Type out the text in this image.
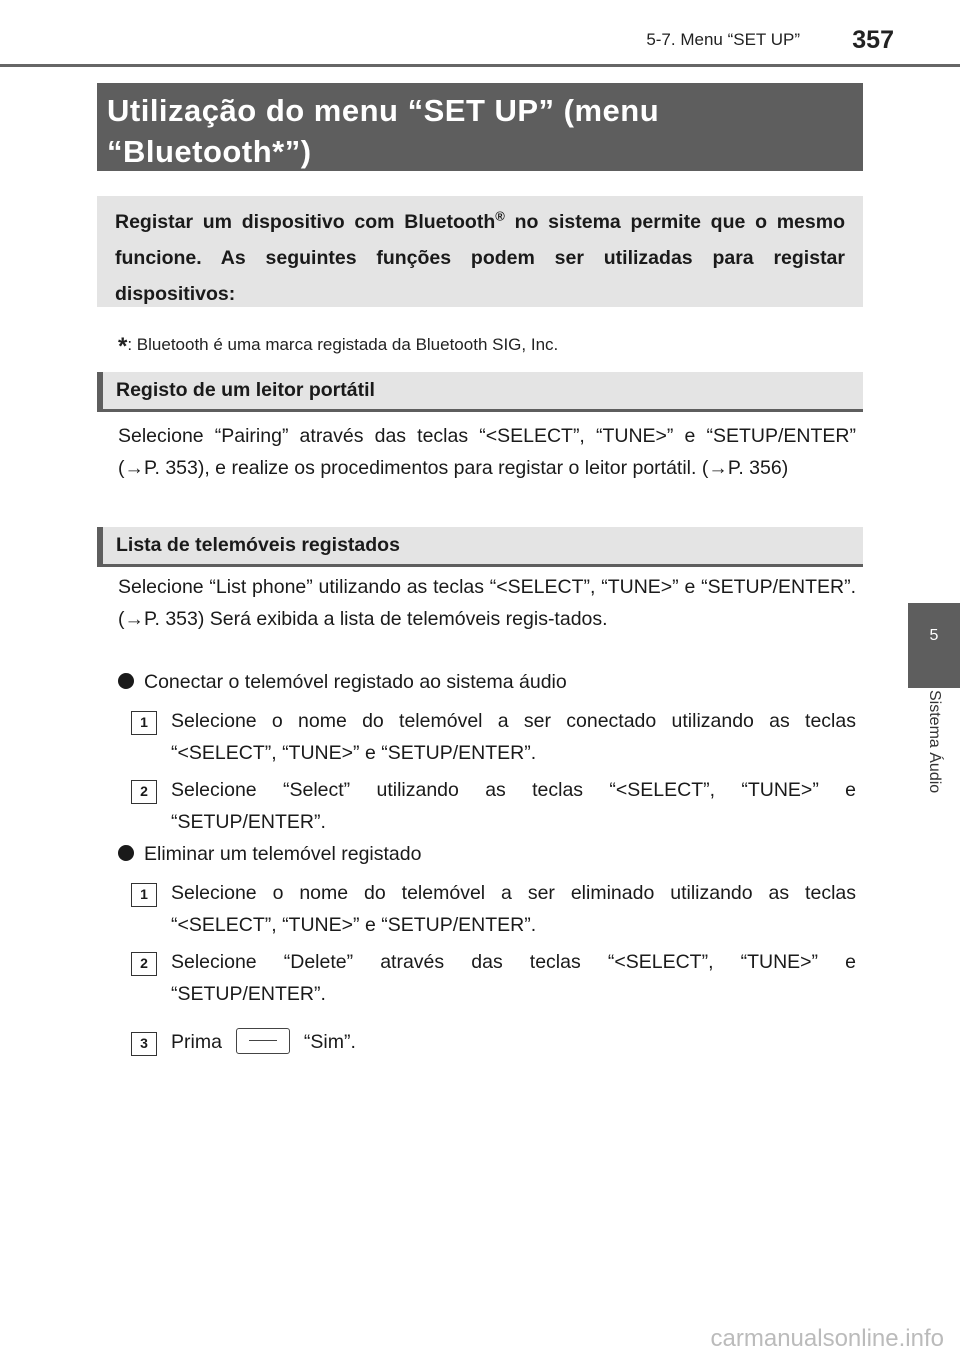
5-7. Menu “SET UP” 357
5
Sistema Áudio
Utilização do menu “SET UP” (menu
“Bluetooth*”)
Registar um dispositivo com Bluetooth® no sistema permite que o mesmo funcione. As seguintes funções podem ser utilizadas para registar dispositivos:
*: Bluetooth é uma marca registada da Bluetooth SIG, Inc.
Registo de um leitor portátil
Selecione “Pairing” através das teclas “<SELECT”, “TUNE>” e “SETUP/ENTER” (→P. 353), e realize os procedimentos para registar o leitor portátil. (→P. 356)
Lista de telemóveis registados
Selecione “List phone” utilizando as teclas “<SELECT”, “TUNE>” e “SETUP/ENTER”. (→P. 353) Será exibida a lista de telemóveis regis-tados.
Conectar o telemóvel registado ao sistema áudio
1	Selecione o nome do telemóvel a ser conectado utilizando as teclas “<SELECT”, “TUNE>” e “SETUP/ENTER”.
2	Selecione “Select” utilizando as teclas “<SELECT”, “TUNE>” e “SETUP/ENTER”.
Eliminar um telemóvel registado
1	Selecione o nome do telemóvel a ser eliminado utilizando as teclas “<SELECT”, “TUNE>” e “SETUP/ENTER”.
2	Selecione “Delete” através das teclas “<SELECT”, “TUNE>” e “SETUP/ENTER”.
3	Prima	“Sim”.
carmanualsonline.info
